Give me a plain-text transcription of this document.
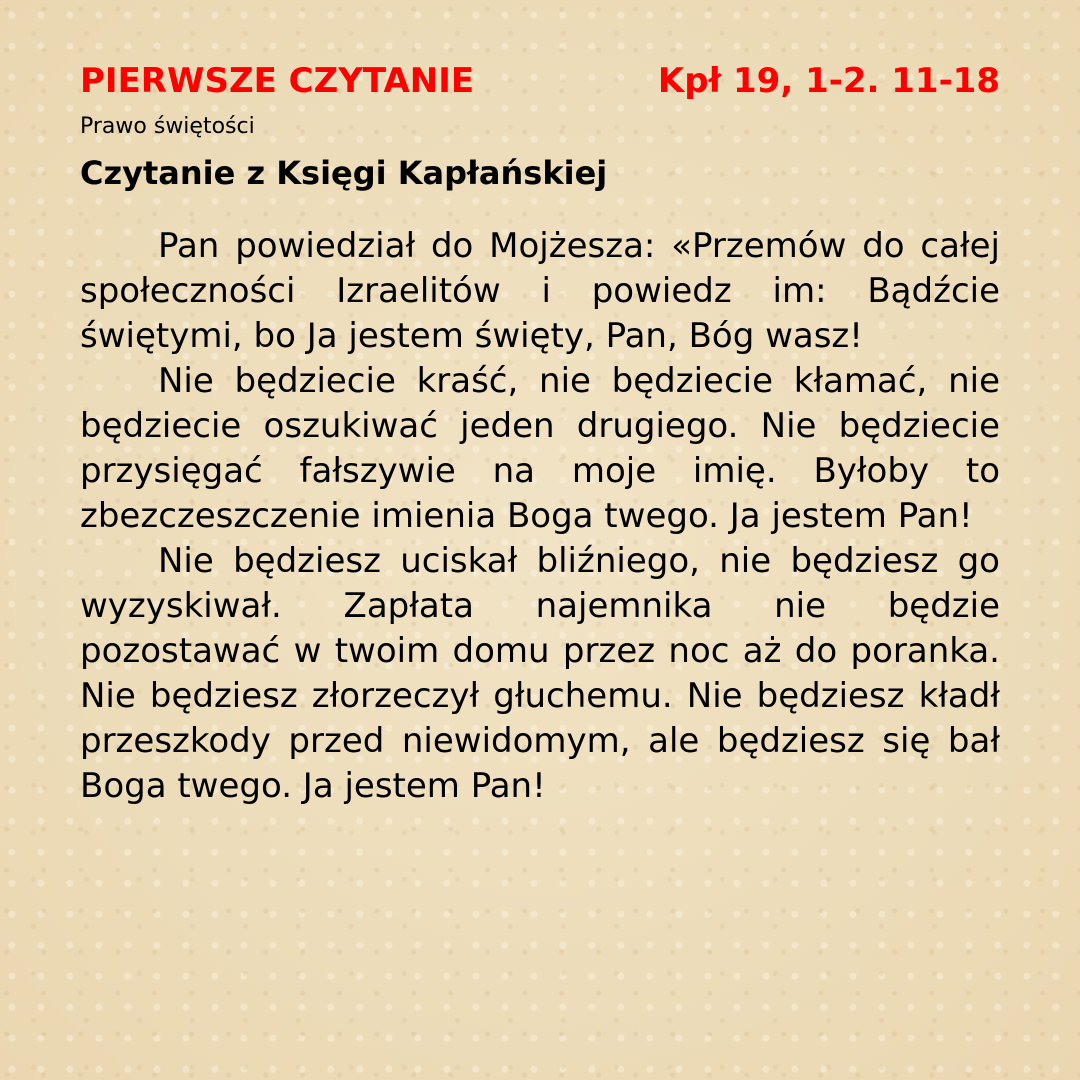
PIERWSZE CZYTANIE	Kpł 19, 1-2. 11-18
Prawo świętości
Czytanie z Księgi Kapłańskiej

Pan powiedział do Mojżesza: «Przemów do całej społeczności Izraelitów i powiedz im: Bądźcie świętymi, bo Ja jestem święty, Pan, Bóg wasz!

Nie będziecie kraść, nie będziecie kłamać, nie będziecie oszukiwać jeden drugiego. Nie będziecie przysięgać fałszywie na moje imię. Byłoby to zbezczeszczenie imienia Boga twego. Ja jestem Pan!

Nie będziesz uciskał bliźniego, nie będziesz go wyzyskiwał. Zapłata najemnika nie będzie pozostawać w twoim domu przez noc aż do poranka. Nie będziesz złorzeczył głuchemu. Nie będziesz kładł przeszkody przed niewidomym, ale będziesz się bał Boga twego. Ja jestem Pan!
